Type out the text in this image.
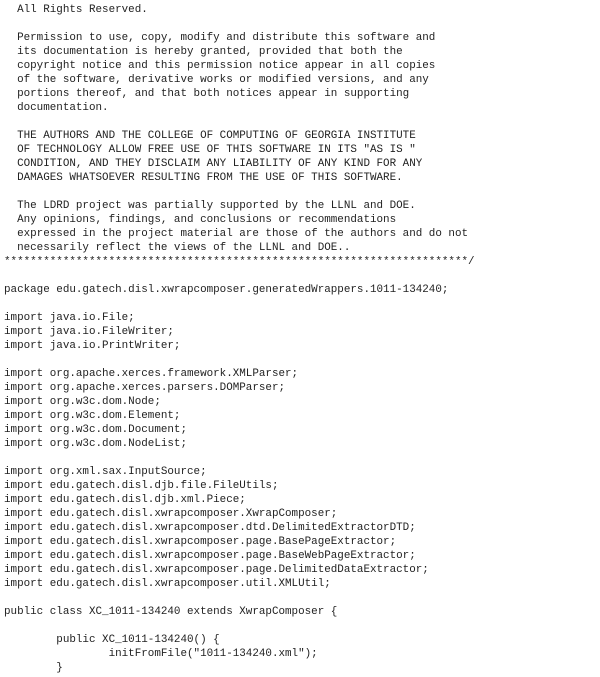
All Rights Reserved.
Permission to use, copy, modify and distribute this software and
its documentation is hereby granted, provided that both the
copyright notice and this permission notice appear in all copies
of the software, derivative works or modified versions, and any
portions thereof, and that both notices appear in supporting
documentation.
THE AUTHORS AND THE COLLEGE OF COMPUTING OF GEORGIA INSTITUTE
OF TECHNOLOGY ALLOW FREE USE OF THIS SOFTWARE IN ITS "AS IS "
CONDITION, AND THEY DISCLAIM ANY LIABILITY OF ANY KIND FOR ANY
DAMAGES WHATSOEVER RESULTING FROM THE USE OF THIS SOFTWARE.
The LDRD project was partially supported by the LLNL and DOE.
Any opinions, findings, and conclusions or recommendations
expressed in the project material are those of the authors and do not
necessarily reflect the views of the LLNL and DOE..
***********************************************************************/
package edu.gatech.disl.xwrapcomposer.generatedWrappers.1011-134240;
import java.io.File;
import java.io.FileWriter;
import java.io.PrintWriter;
import org.apache.xerces.framework.XMLParser;
import org.apache.xerces.parsers.DOMParser;
import org.w3c.dom.Node;
import org.w3c.dom.Element;
import org.w3c.dom.Document;
import org.w3c.dom.NodeList;
import org.xml.sax.InputSource;
import edu.gatech.disl.djb.file.FileUtils;
import edu.gatech.disl.djb.xml.Piece;
import edu.gatech.disl.xwrapcomposer.XwrapComposer;
import edu.gatech.disl.xwrapcomposer.dtd.DelimitedExtractorDTD;
import edu.gatech.disl.xwrapcomposer.page.BasePageExtractor;
import edu.gatech.disl.xwrapcomposer.page.BaseWebPageExtractor;
import edu.gatech.disl.xwrapcomposer.page.DelimitedDataExtractor;
import edu.gatech.disl.xwrapcomposer.util.XMLUtil;
public class XC_1011-134240 extends XwrapComposer {
public XC_1011-134240() {
initFromFile("1011-134240.xml");
}
